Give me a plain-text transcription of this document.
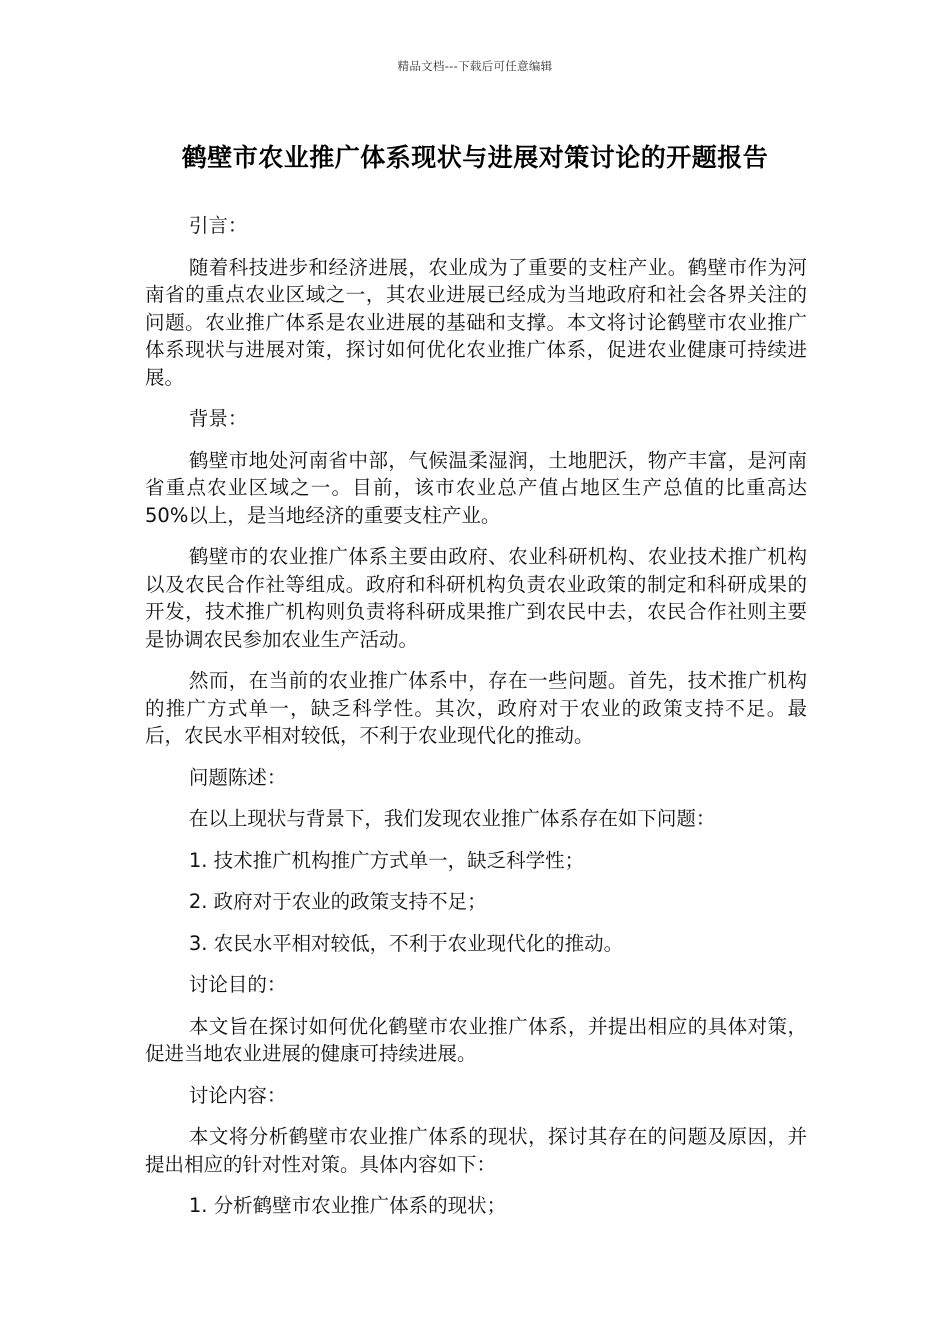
精品文档---下载后可任意编辑
鹤壁市农业推广体系现状与进展对策讨论的开题报告

引言：

随着科技进步和经济进展，农业成为了重要的支柱产业。鹤壁市作为河南省的重点农业区域之一，其农业进展已经成为当地政府和社会各界关注的问题。农业推广体系是农业进展的基础和支撑。本文将讨论鹤壁市农业推广体系现状与进展对策，探讨如何优化农业推广体系，促进农业健康可持续进展。

背景：

鹤壁市地处河南省中部，气候温柔湿润，土地肥沃，物产丰富，是河南省重点农业区域之一。目前，该市农业总产值占地区生产总值的比重高达 50%以上，是当地经济的重要支柱产业。

鹤壁市的农业推广体系主要由政府、农业科研机构、农业技术推广机构以及农民合作社等组成。政府和科研机构负责农业政策的制定和科研成果的开发，技术推广机构则负责将科研成果推广到农民中去，农民合作社则主要是协调农民参加农业生产活动。

然而，在当前的农业推广体系中，存在一些问题。首先，技术推广机构的推广方式单一，缺乏科学性。其次，政府对于农业的政策支持不足。最后，农民水平相对较低，不利于农业现代化的推动。

问题陈述：

在以上现状与背景下，我们发现农业推广体系存在如下问题：

1. 技术推广机构推广方式单一，缺乏科学性；

2. 政府对于农业的政策支持不足；

3. 农民水平相对较低，不利于农业现代化的推动。

讨论目的：

本文旨在探讨如何优化鹤壁市农业推广体系，并提出相应的具体对策，促进当地农业进展的健康可持续进展。

讨论内容：

本文将分析鹤壁市农业推广体系的现状，探讨其存在的问题及原因，并提出相应的针对性对策。具体内容如下：

1. 分析鹤壁市农业推广体系的现状；
